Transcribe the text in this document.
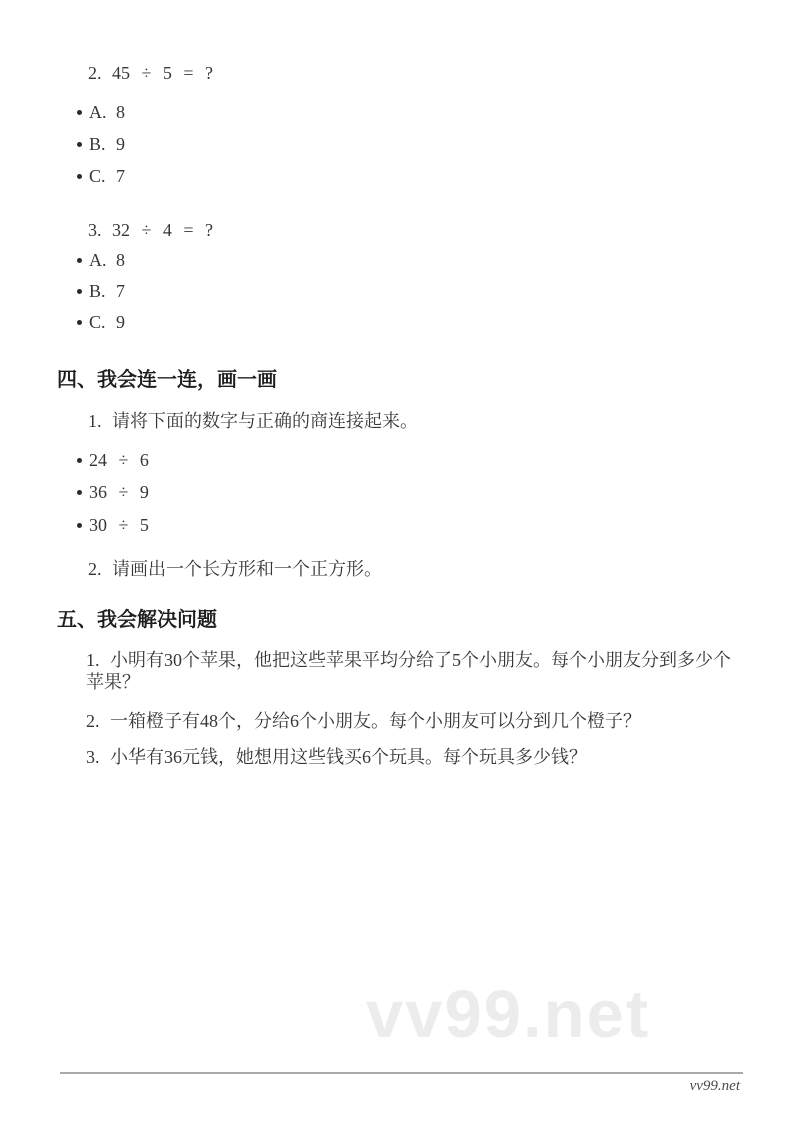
2. 45 ÷ 5 = ?
A. 8
B. 9
C. 7
3. 32 ÷ 4 = ?
A. 8
B. 7
C. 9
四、我会连一连，画一画
1. 请将下面的数字与正确的商连接起来。
24 ÷ 6
36 ÷ 9
30 ÷ 5
2. 请画出一个长方形和一个正方形。
五、我会解决问题
1. 小明有30个苹果，他把这些苹果平均分给了5个小朋友。每个小朋友分到多少个苹果？
2. 一箱橙子有48个，分给6个小朋友。每个小朋友可以分到几个橙子？
3. 小华有36元钱，她想用这些钱买6个玩具。每个玩具多少钱？
vv99.net
vv99.net
